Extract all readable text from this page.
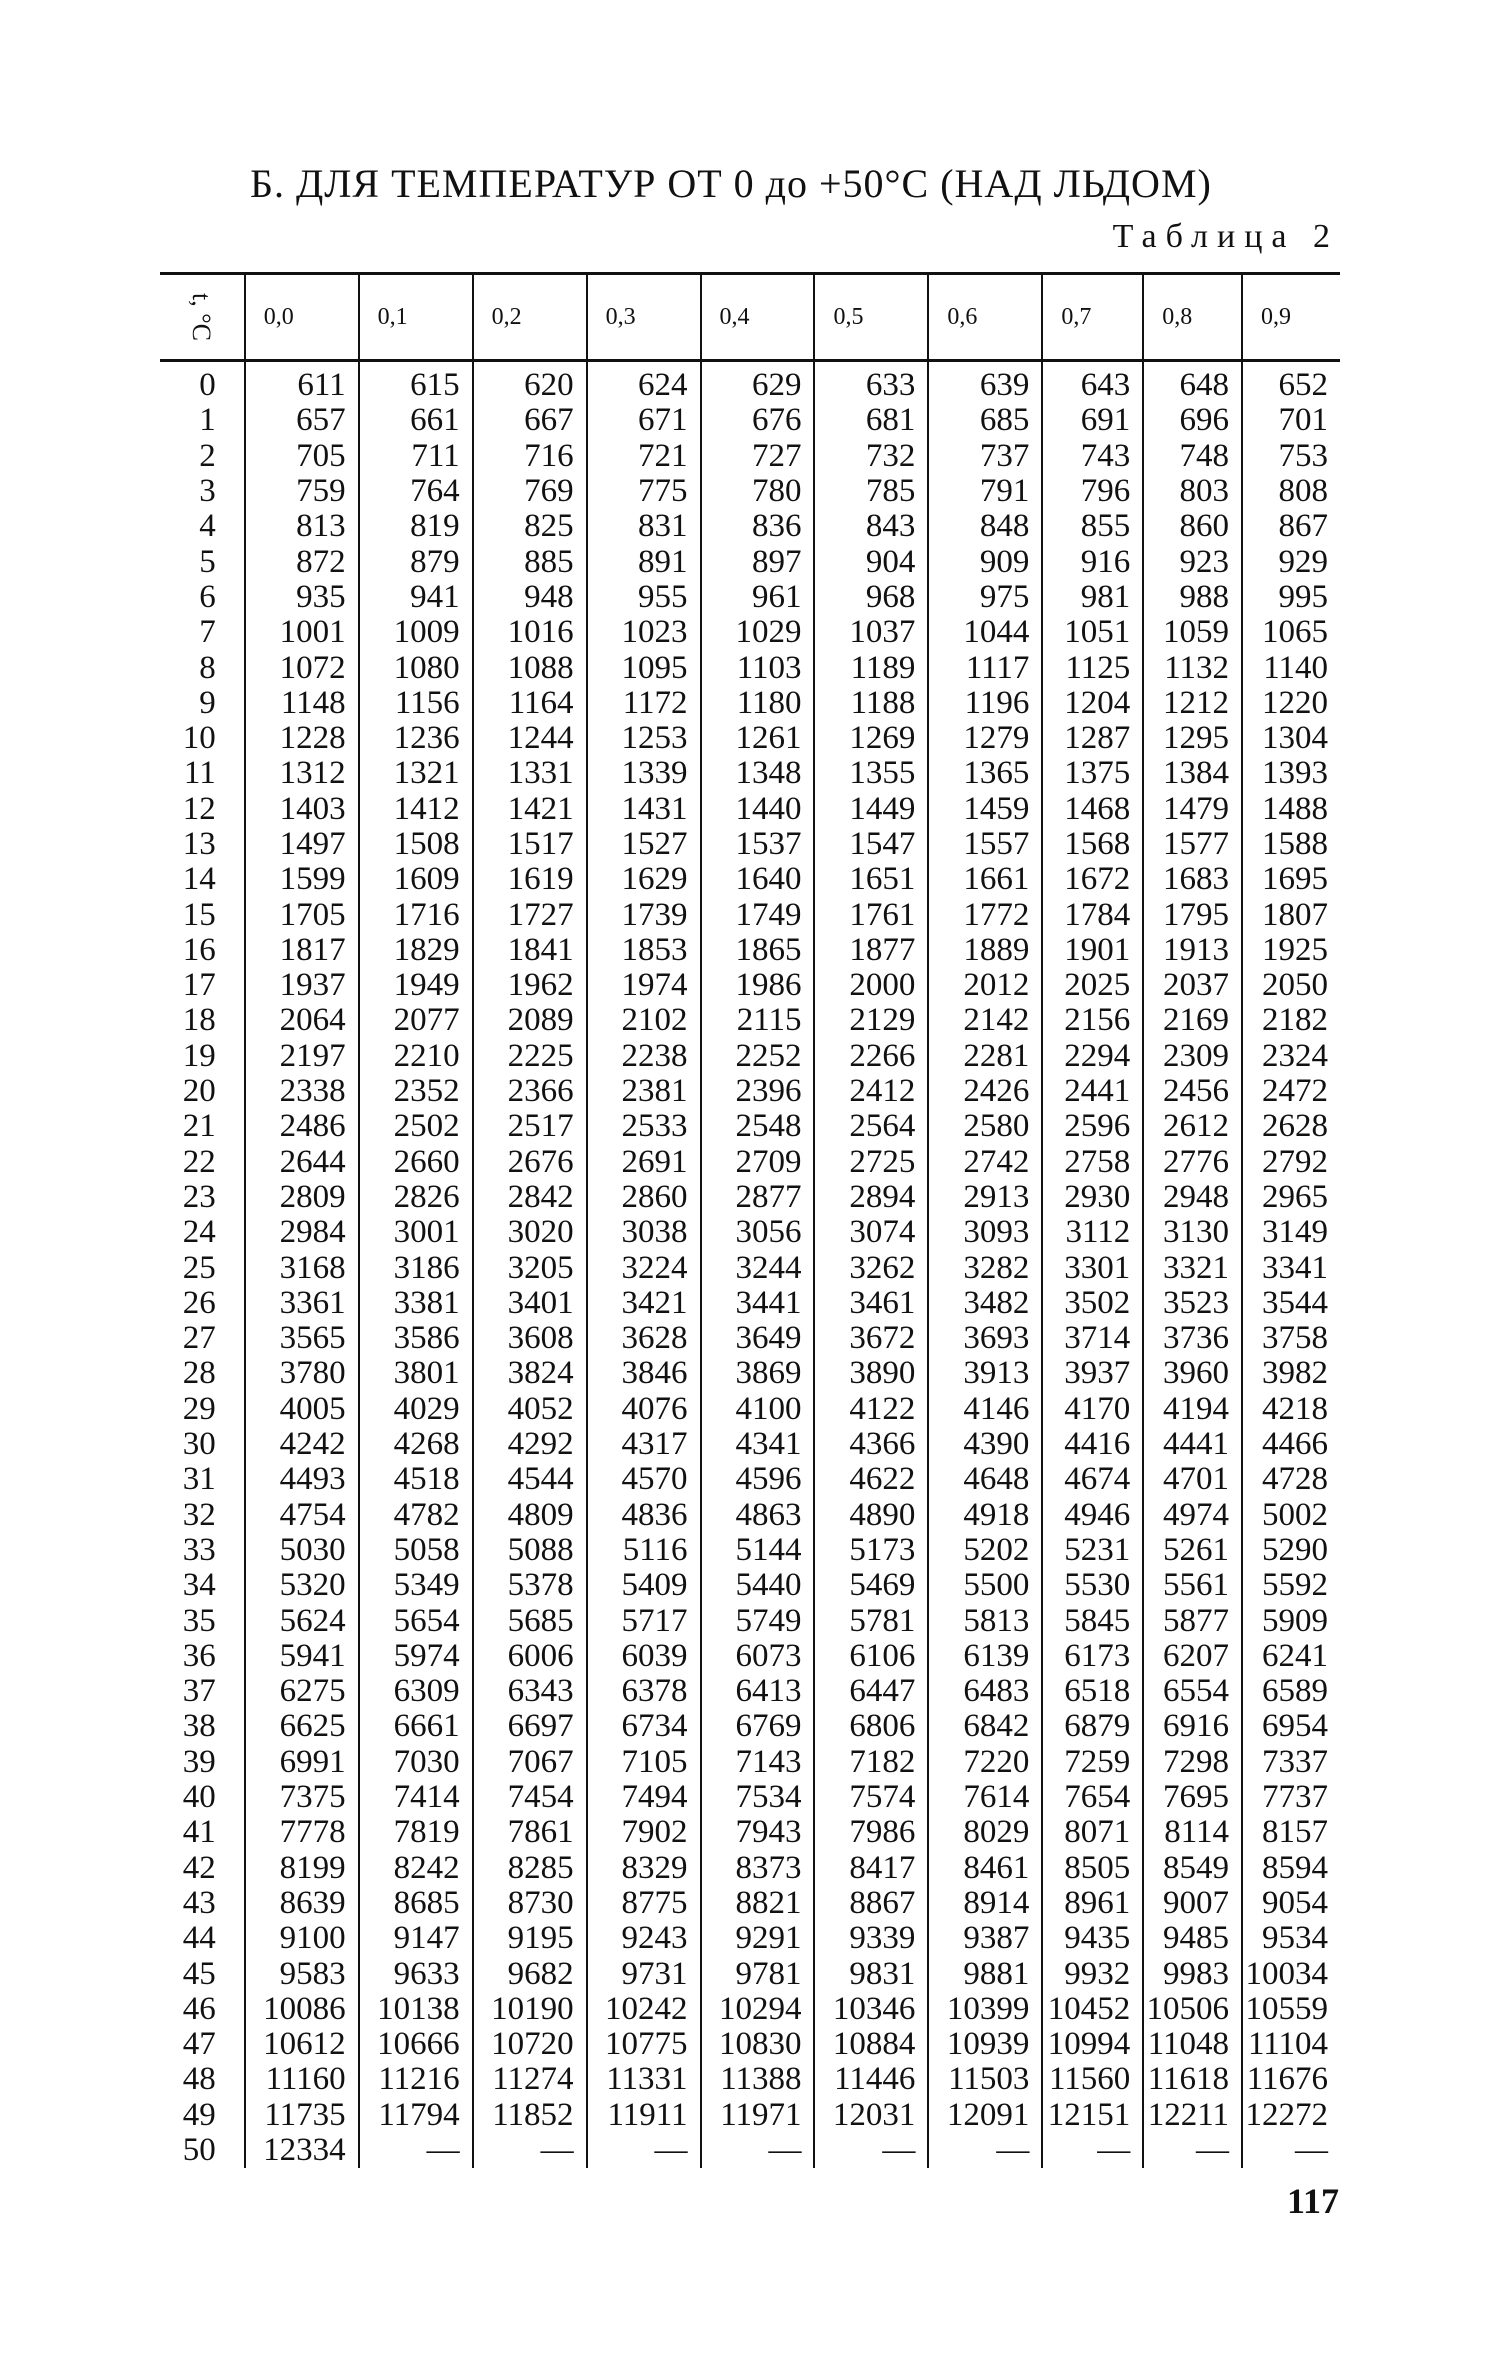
Б. ДЛЯ ТЕМПЕРАТУР ОТ 0 до +50°С (НАД ЛЬДОМ)
Таблица 2
t, °С	0,0	0,1	0,2	0,3	0,4	0,5	0,6	0,7	0,8	0,9
0	611	615	620	624	629	633	639	643	648	652
1	657	661	667	671	676	681	685	691	696	701
2	705	711	716	721	727	732	737	743	748	753
3	759	764	769	775	780	785	791	796	803	808
4	813	819	825	831	836	843	848	855	860	867
5	872	879	885	891	897	904	909	916	923	929
6	935	941	948	955	961	968	975	981	988	995
7	1001	1009	1016	1023	1029	1037	1044	1051	1059	1065
8	1072	1080	1088	1095	1103	1189	1117	1125	1132	1140
9	1148	1156	1164	1172	1180	1188	1196	1204	1212	1220
10	1228	1236	1244	1253	1261	1269	1279	1287	1295	1304
11	1312	1321	1331	1339	1348	1355	1365	1375	1384	1393
12	1403	1412	1421	1431	1440	1449	1459	1468	1479	1488
13	1497	1508	1517	1527	1537	1547	1557	1568	1577	1588
14	1599	1609	1619	1629	1640	1651	1661	1672	1683	1695
15	1705	1716	1727	1739	1749	1761	1772	1784	1795	1807
16	1817	1829	1841	1853	1865	1877	1889	1901	1913	1925
17	1937	1949	1962	1974	1986	2000	2012	2025	2037	2050
18	2064	2077	2089	2102	2115	2129	2142	2156	2169	2182
19	2197	2210	2225	2238	2252	2266	2281	2294	2309	2324
20	2338	2352	2366	2381	2396	2412	2426	2441	2456	2472
21	2486	2502	2517	2533	2548	2564	2580	2596	2612	2628
22	2644	2660	2676	2691	2709	2725	2742	2758	2776	2792
23	2809	2826	2842	2860	2877	2894	2913	2930	2948	2965
24	2984	3001	3020	3038	3056	3074	3093	3112	3130	3149
25	3168	3186	3205	3224	3244	3262	3282	3301	3321	3341
26	3361	3381	3401	3421	3441	3461	3482	3502	3523	3544
27	3565	3586	3608	3628	3649	3672	3693	3714	3736	3758
28	3780	3801	3824	3846	3869	3890	3913	3937	3960	3982
29	4005	4029	4052	4076	4100	4122	4146	4170	4194	4218
30	4242	4268	4292	4317	4341	4366	4390	4416	4441	4466
31	4493	4518	4544	4570	4596	4622	4648	4674	4701	4728
32	4754	4782	4809	4836	4863	4890	4918	4946	4974	5002
33	5030	5058	5088	5116	5144	5173	5202	5231	5261	5290
34	5320	5349	5378	5409	5440	5469	5500	5530	5561	5592
35	5624	5654	5685	5717	5749	5781	5813	5845	5877	5909
36	5941	5974	6006	6039	6073	6106	6139	6173	6207	6241
37	6275	6309	6343	6378	6413	6447	6483	6518	6554	6589
38	6625	6661	6697	6734	6769	6806	6842	6879	6916	6954
39	6991	7030	7067	7105	7143	7182	7220	7259	7298	7337
40	7375	7414	7454	7494	7534	7574	7614	7654	7695	7737
41	7778	7819	7861	7902	7943	7986	8029	8071	8114	8157
42	8199	8242	8285	8329	8373	8417	8461	8505	8549	8594
43	8639	8685	8730	8775	8821	8867	8914	8961	9007	9054
44	9100	9147	9195	9243	9291	9339	9387	9435	9485	9534
45	9583	9633	9682	9731	9781	9831	9881	9932	9983	10034
46	10086	10138	10190	10242	10294	10346	10399	10452	10506	10559
47	10612	10666	10720	10775	10830	10884	10939	10994	11048	11104
48	11160	11216	11274	11331	11388	11446	11503	11560	11618	11676
49	11735	11794	11852	11911	11971	12031	12091	12151	12211	12272
50	12334	—	—	—	—	—	—	—	—	—
117
